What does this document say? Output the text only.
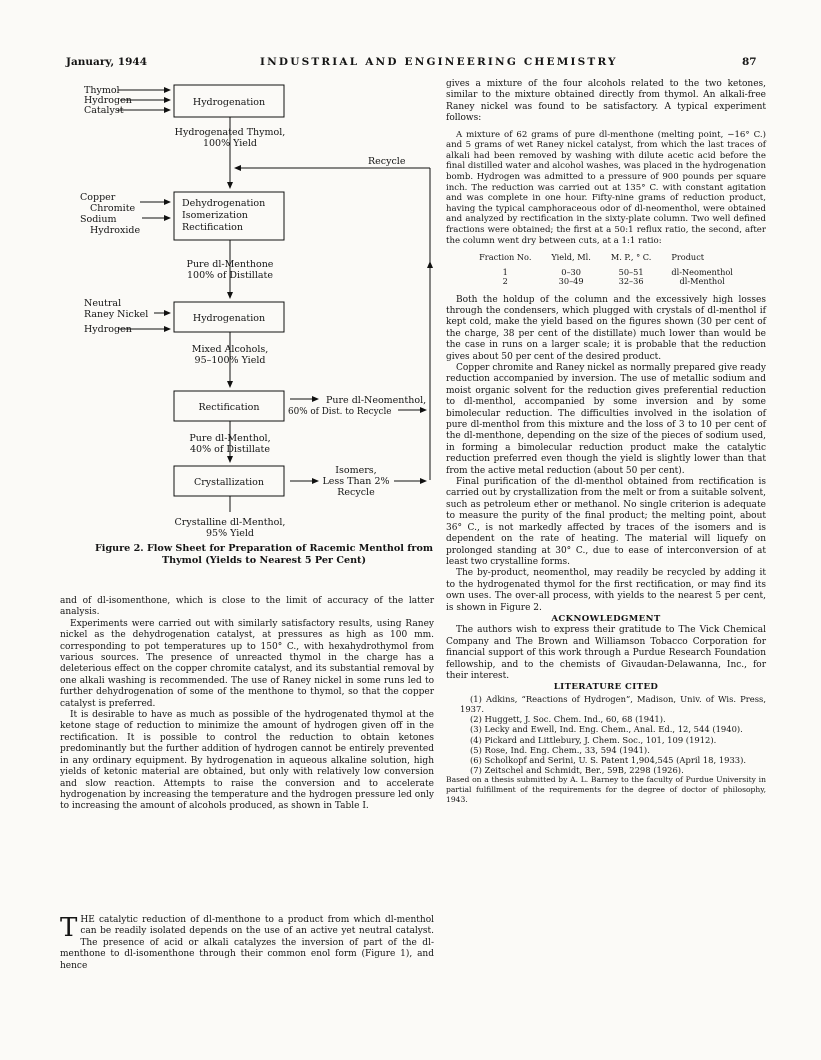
January, 1944	INDUSTRIAL AND ENGINEERING CHEMISTRY	87
Thymol
Hydrogen
Catalyst
Hydrogenation
Hydrogenated Thymol,
100% Yield
Recycle
Copper
Chromite
Sodium
Hydroxide
Dehydrogenation
Isomerization
Rectification
Pure dl-Menthone
100% of Distillate
Neutral
Raney Nickel
Hydrogen
Hydrogenation
Mixed Alcohols,
95–100% Yield
Rectification
Pure dl-Neomenthol,
60% of Dist. to Recycle
Pure dl-Menthol,
40% of Distillate
Crystallization
Isomers,
Less Than 2%
Recycle
Crystalline dl-Menthol,
95% Yield
Figure 2. Flow Sheet for Preparation of Racemic Menthol from Thymol (Yields to Nearest 5 Per Cent)

and of dl-isomenthone, which is close to the limit of accuracy of the latter analysis.

Experiments were carried out with similarly satisfactory results, using Raney nickel as the dehydrogenation catalyst, at pressures as high as 100 mm. corresponding to pot temperatures up to 150° C., with hexahydrothymol from various sources. The presence of unreacted thymol in the charge has a deleterious effect on the copper chromite catalyst, and its substantial removal by one alkali washing is recommended. The use of Raney nickel in some runs led to further dehydrogenation of some of the menthone to thymol, so that the copper catalyst is preferred.

It is desirable to have as much as possible of the hydrogenated thymol at the ketone stage of reduction to minimize the amount of hydrogen given off in the rectification. It is possible to control the reduction to obtain ketones predominantly but the further addition of hydrogen cannot be entirely prevented in any ordinary equipment. By hydrogenation in aqueous alkaline solution, high yields of ketonic material are obtained, but only with relatively low conversion and slow reaction. Attempts to raise the conversion and to accelerate hydrogenation by increasing the temperature and the hydrogen pressure led only to increasing the amount of alcohols produced, as shown in Table I.

T HE catalytic reduction of dl-menthone to a product from which dl-menthol can be readily isolated depends on the use of an active yet neutral catalyst. The presence of acid or alkali catalyzes the inversion of part of the dl-menthone to dl-isomenthone through their common enol form (Figure 1), and hence

gives a mixture of the four alcohols related to the two ketones, similar to the mixture obtained directly from thymol. An alkali-free Raney nickel was found to be satisfactory. A typical experiment follows:

A mixture of 62 grams of pure dl-menthone (melting point, −16° C.) and 5 grams of wet Raney nickel catalyst, from which the last traces of alkali had been removed by washing with dilute acetic acid before the final distilled water and alcohol washes, was placed in the hydrogenation bomb. Hydrogen was admitted to a pressure of 900 pounds per square inch. The reduction was carried out at 135° C. with constant agitation and was complete in one hour. Fifty-nine grams of reduction product, having the typical camphoraceous odor of dl-neomenthol, were obtained and analyzed by rectification in the sixty-plate column. Two well defined fractions were obtained; the first at a 50:1 reflux ratio, the second, after the column went dry between cuts, at a 1:1 ratio:

Fraction No.	Yield, Ml.	M. P., ° C.	Product
1	0–30	50–51	dl-Neomenthol
2	30–49	32–36	dl-Menthol

Both the holdup of the column and the excessively high losses through the condensers, which plugged with crystals of dl-menthol if kept cold, make the yield based on the figures shown (30 per cent of the charge, 38 per cent of the distillate) much lower than would be the case in runs on a larger scale; it is probable that the reduction gives about 50 per cent of the desired product.

Copper chromite and Raney nickel as normally prepared give ready reduction accompanied by inversion. The use of metallic sodium and moist organic solvent for the reduction gives preferential reduction to dl-menthol, accompanied by some inversion and by some bimolecular reduction. The difficulties involved in the isolation of pure dl-menthol from this mixture and the loss of 3 to 10 per cent of the dl-menthone, depending on the size of the pieces of sodium used, in forming a bimolecular reduction product make the catalytic reduction preferred even though the yield is slightly lower than that from the active metal reduction (about 50 per cent).

Final purification of the dl-menthol obtained from rectification is carried out by crystallization from the melt or from a suitable solvent, such as petroleum ether or methanol. No single criterion is adequate to measure the purity of the final product; the melting point, about 36° C., is not markedly affected by traces of the isomers and is dependent on the rate of heating. The material will liquefy on prolonged standing at 30° C., due to ease of interconversion of at least two crystalline forms.

The by-product, neomenthol, may readily be recycled by adding it to the hydrogenated thymol for the first rectification, or may find its own uses. The over-all process, with yields to the nearest 5 per cent, is shown in Figure 2.

ACKNOWLEDGMENT

The authors wish to express their gratitude to The Vick Chemical Company and The Brown and Williamson Tobacco Corporation for financial support of this work through a Purdue Research Foundation fellowship, and to the chemists of Givaudan-Delawanna, Inc., for their interest.

LITERATURE CITED

(1) Adkins, “Reactions of Hydrogen”, Madison, Univ. of Wis. Press, 1937.

(2) Huggett, J. Soc. Chem. Ind., 60, 68 (1941).

(3) Lecky and Ewell, Ind. Eng. Chem., Anal. Ed., 12, 544 (1940).

(4) Pickard and Littlebury, J. Chem. Soc., 101, 109 (1912).

(5) Rose, Ind. Eng. Chem., 33, 594 (1941).

(6) Scholkopf and Serini, U. S. Patent 1,904,545 (April 18, 1933).

(7) Zeitschel and Schmidt, Ber., 59B, 2298 (1926).

Based on a thesis submitted by A. L. Barney to the faculty of Purdue University in partial fulfillment of the requirements for the degree of doctor of philosophy, 1943.
